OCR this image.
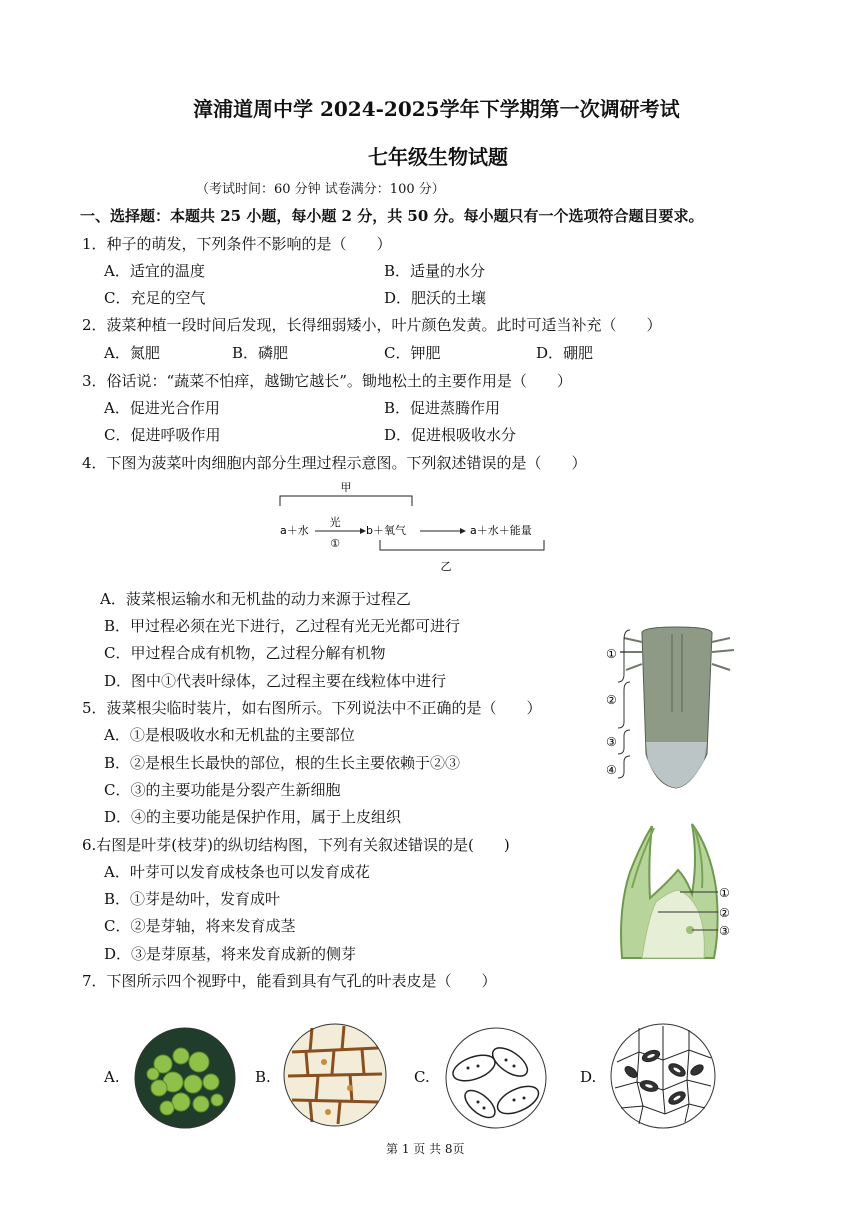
漳浦道周中学 2024-2025学年下学期第一次调研考试
七年级生物试题
（考试时间：60 分钟 试卷满分：100 分）
一、选择题：本题共 25 小题，每小题 2 分，共 50 分。每小题只有一个选项符合题目要求。
1．种子的萌发，下列条件不影响的是（　　）
A．适宜的温度	B．适量的水分
C．充足的空气	D．肥沃的土壤
2．菠菜种植一段时间后发现，长得细弱矮小，叶片颜色发黄。此时可适当补充（　　）
A．氮肥	B．磷肥	C．钾肥	D．硼肥
3．俗话说：“蔬菜不怕痒，越锄它越长”。锄地松土的主要作用是（　　）
A．促进光合作用	B．促进蒸腾作用
C．促进呼吸作用	D．促进根吸收水分
4．下图为菠菜叶肉细胞内部分生理过程示意图。下列叙述错误的是（　　）
甲
a＋水
光
①
b＋氧气	a＋水＋能量
乙
A．菠菜根运输水和无机盐的动力来源于过程乙
B．甲过程必须在光下进行，乙过程有光无光都可进行
C．甲过程合成有机物，乙过程分解有机物
D．图中①代表叶绿体，乙过程主要在线粒体中进行
①
②
③
④
5．菠菜根尖临时装片，如右图所示。下列说法中不正确的是（　　）
A．①是根吸收水和无机盐的主要部位
B．②是根生长最快的部位，根的生长主要依赖于②③
C．③的主要功能是分裂产生新细胞
D．④的主要功能是保护作用，属于上皮组织
①
②
③
6.右图是叶芽(枝芽)的纵切结构图，下列有关叙述错误的是(　　)
A．叶芽可以发育成枝条也可以发育成花
B．①芽是幼叶，发育成叶
C．②是芽轴，将来发育成茎
D．③是芽原基，将来发育成新的侧芽
7．下图所示四个视野中，能看到具有气孔的叶表皮是（　　）
A.	B.	C.	D.
第 1 页 共 8页
